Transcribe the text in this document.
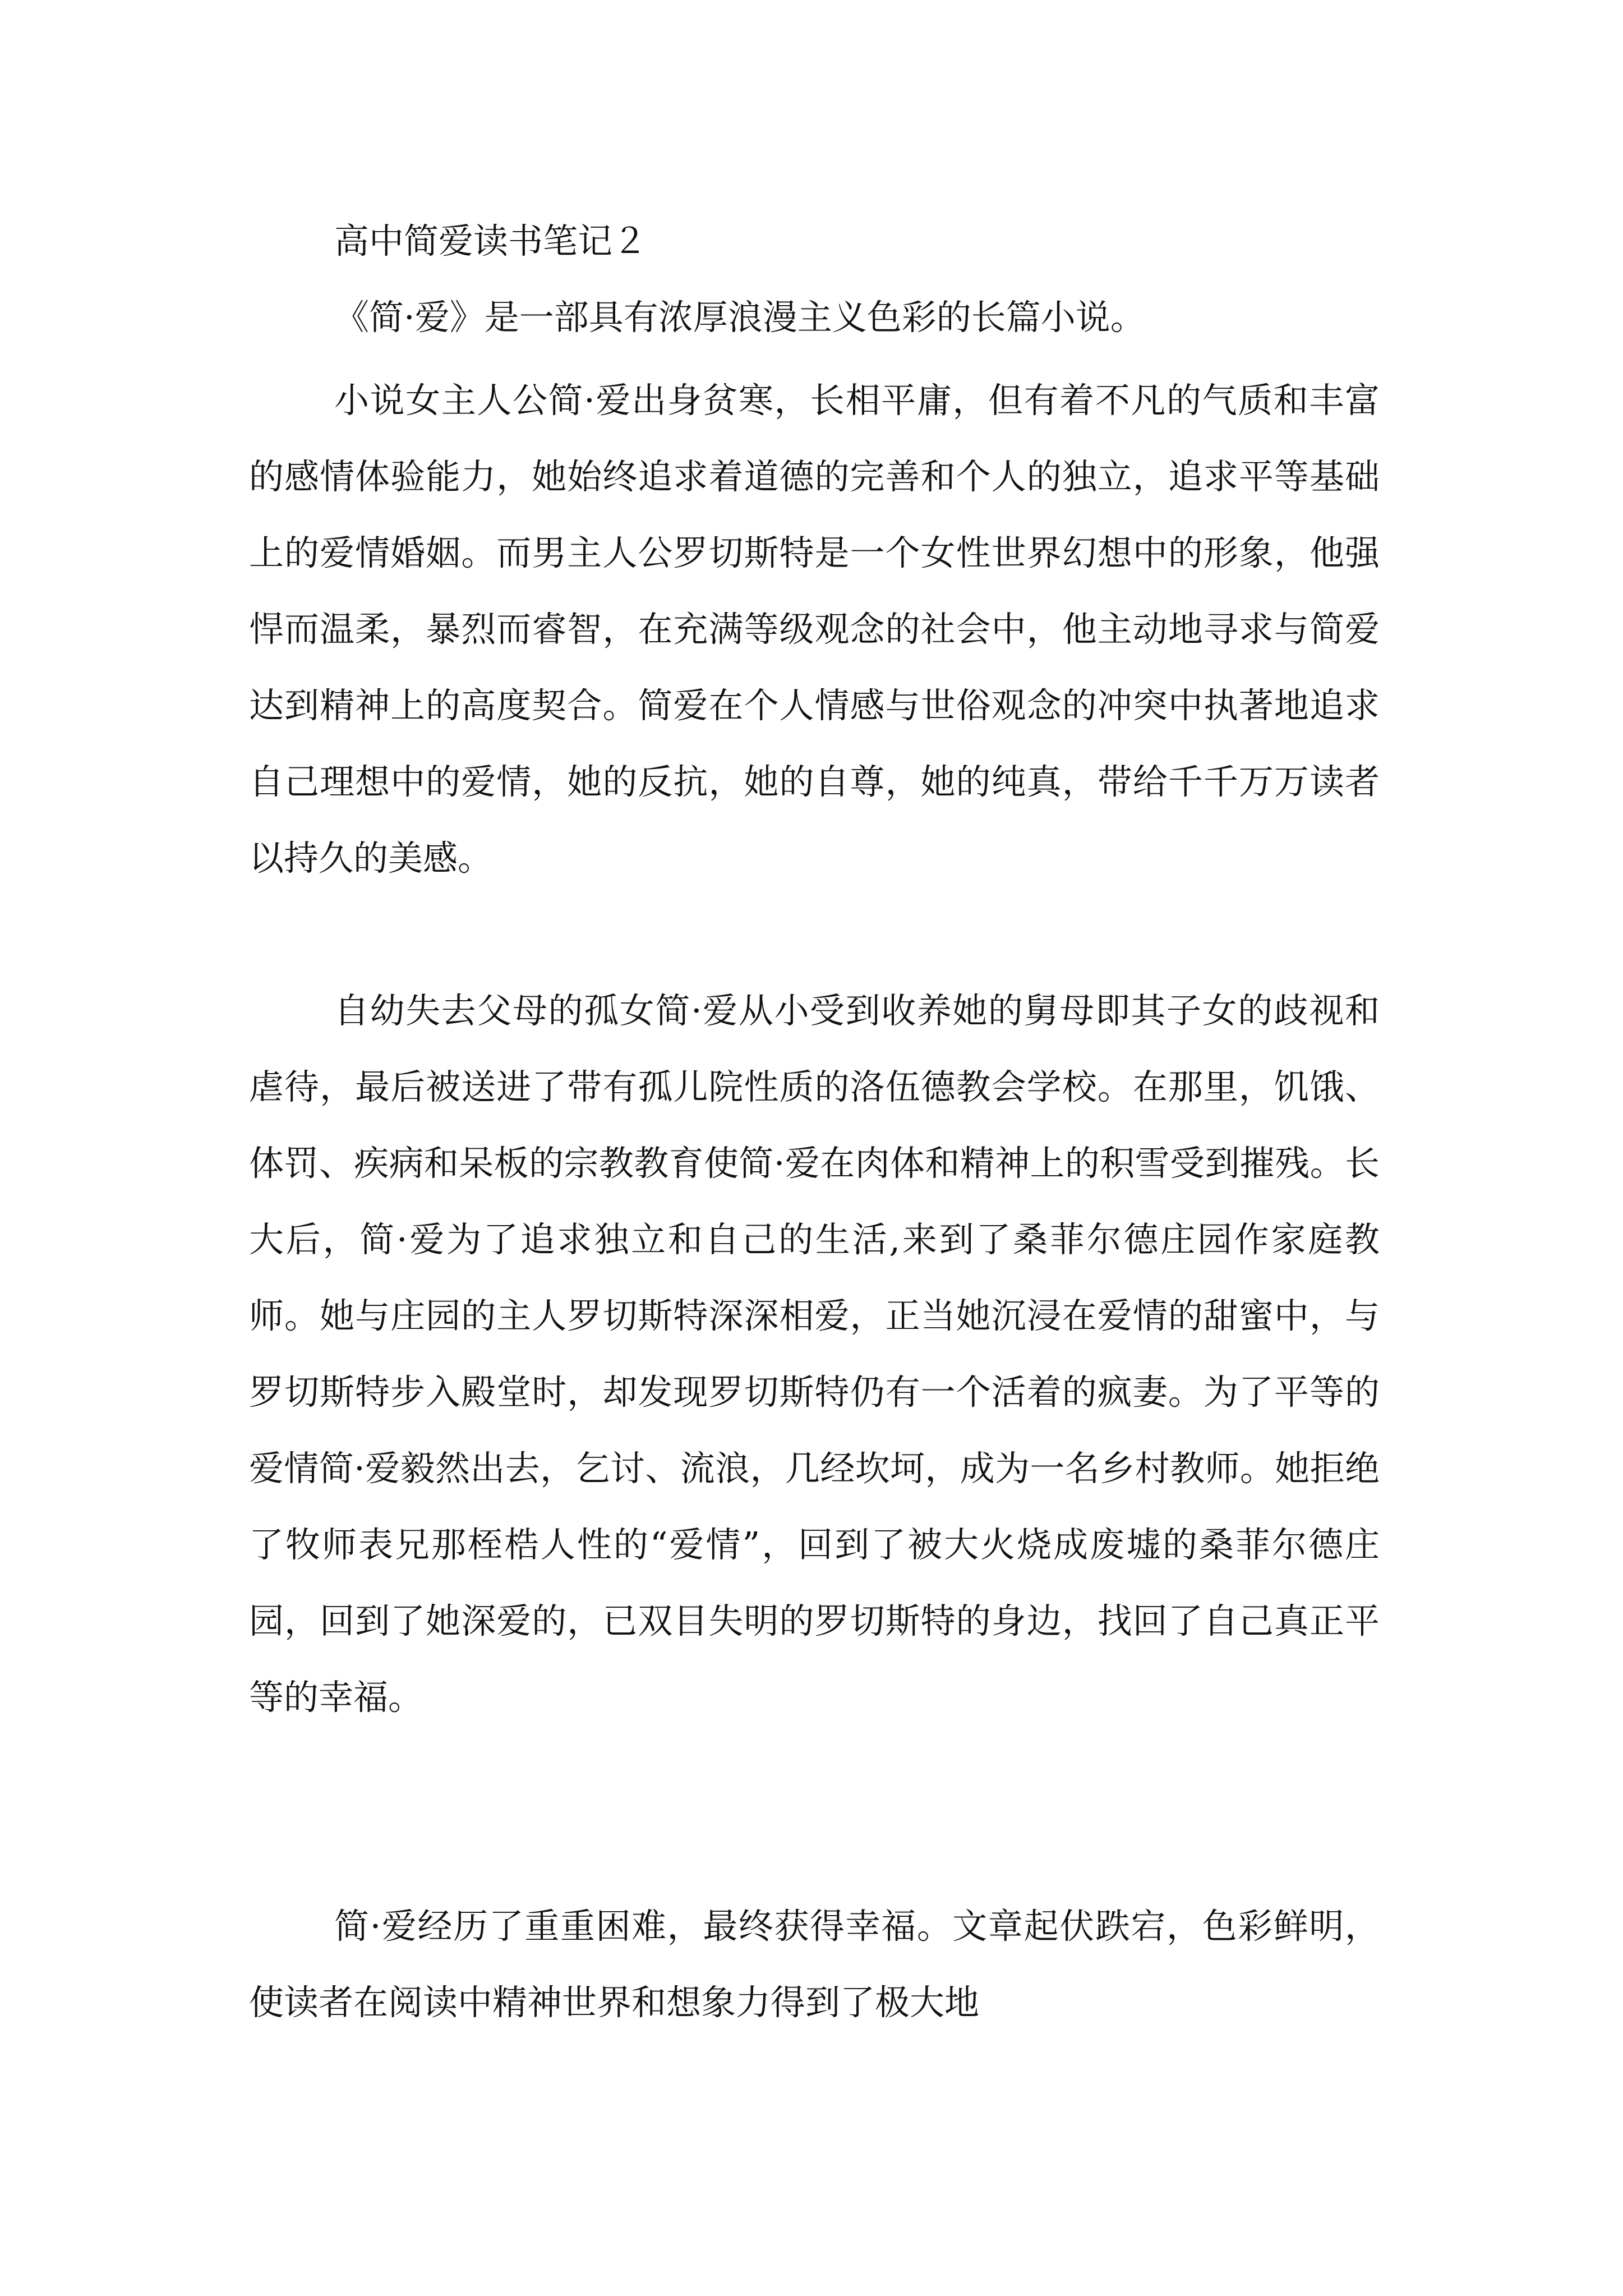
高中简爱读书笔记２
《简·爱》是一部具有浓厚浪漫主义色彩的长篇小说。

小说女主人公简·爱出身贫寒，长相平庸，但有着不凡的气质和丰富的感情体验能力，她始终追求着道德的完善和个人的独立，追求平等基础上的爱情婚姻。而男主人公罗切斯特是一个女性世界幻想中的形象，他强悍而温柔，暴烈而睿智，在充满等级观念的社会中，他主动地寻求与简爱达到精神上的高度契合。简爱在个人情感与世俗观念的冲突中执著地追求自己理想中的爱情，她的反抗，她的自尊，她的纯真，带给千千万万读者以持久的美感。

自幼失去父母的孤女简·爱从小受到收养她的舅母即其子女的歧视和虐待，最后被送进了带有孤儿院性质的洛伍德教会学校。在那里，饥饿、体罚、疾病和呆板的宗教教育使简·爱在肉体和精神上的积雪受到摧残。长大后，简·爱为了追求独立和自己的生活,来到了桑菲尔德庄园作家庭教师。她与庄园的主人罗切斯特深深相爱，正当她沉浸在爱情的甜蜜中，与罗切斯特步入殿堂时，却发现罗切斯特仍有一个活着的疯妻。为了平等的爱情简·爱毅然出去，乞讨、流浪，几经坎坷，成为一名乡村教师。她拒绝了牧师表兄那桎梏人性的“爱情”，回到了被大火烧成废墟的桑菲尔德庄园，回到了她深爱的，已双目失明的罗切斯特的身边，找回了自己真正平等的幸福。

简·爱经历了重重困难，最终获得幸福。文章起伏跌宕，色彩鲜明，使读者在阅读中精神世界和想象力得到了极大地
